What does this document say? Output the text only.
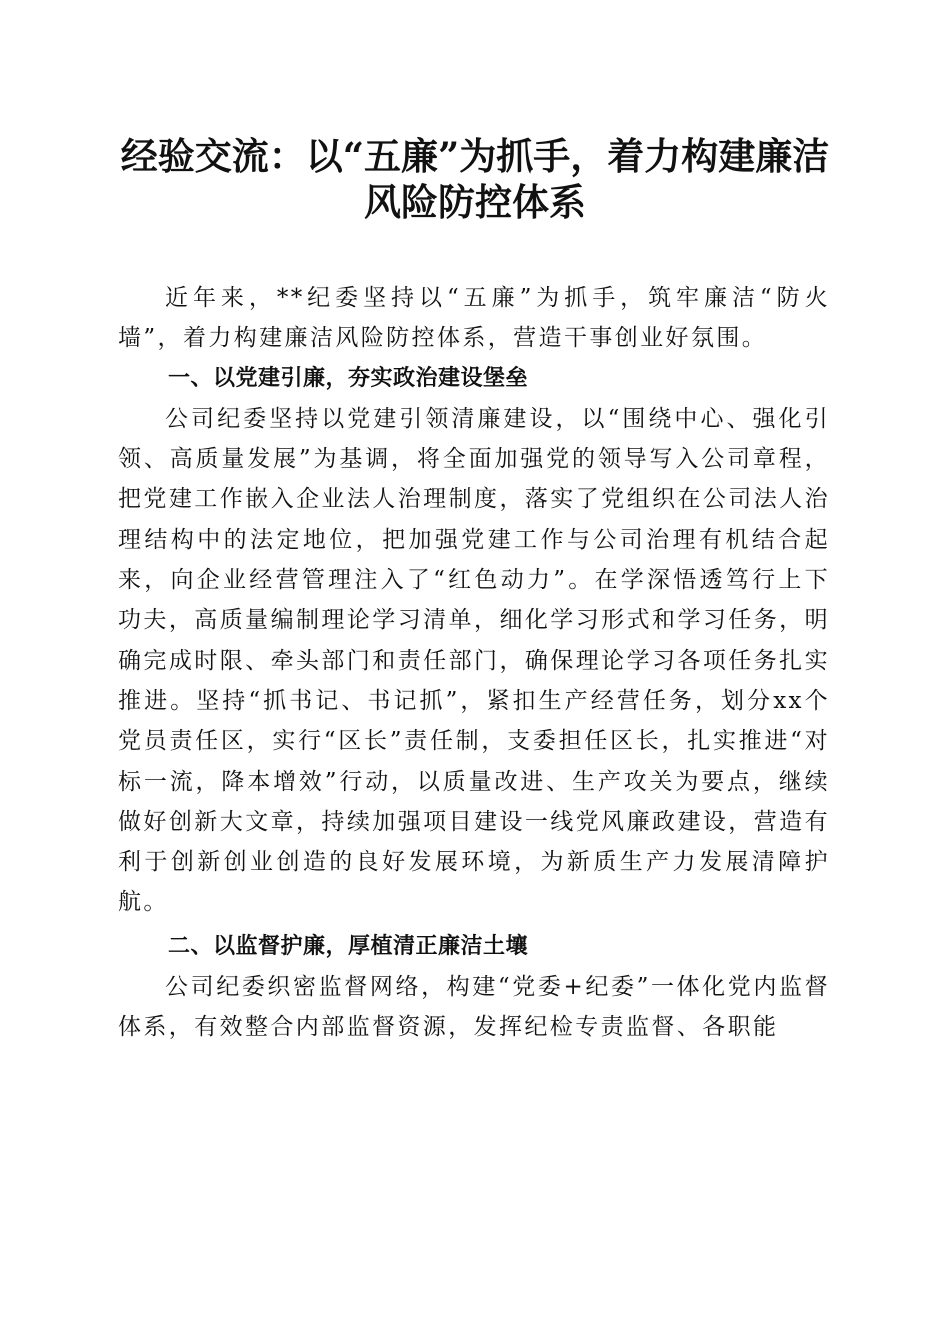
经验交流：以“五廉”为抓手，着力构建廉洁
风险防控体系

近年来，**纪委坚持以“五廉”为抓手，筑牢廉洁“防火墙”，着力构建廉洁风险防控体系，营造干事创业好氛围。

一、以党建引廉，夯实政治建设堡垒

公司纪委坚持以党建引领清廉建设，以“围绕中心、强化引领、高质量发展”为基调，将全面加强党的领导写入公司章程，把党建工作嵌入企业法人治理制度，落实了党组织在公司法人治理结构中的法定地位，把加强党建工作与公司治理有机结合起来，向企业经营管理注入了“红色动力”。在学深悟透笃行上下功夫，高质量编制理论学习清单，细化学习形式和学习任务，明确完成时限、牵头部门和责任部门，确保理论学习各项任务扎实推进。坚持“抓书记、书记抓”，紧扣生产经营任务，划分xx个党员责任区，实行“区长”责任制，支委担任区长，扎实推进“对标一流，降本增效”行动，以质量改进、生产攻关为要点，继续做好创新大文章，持续加强项目建设一线党风廉政建设，营造有利于创新创业创造的良好发展环境，为新质生产力发展清障护航。

二、以监督护廉，厚植清正廉洁土壤

公司纪委织密监督网络，构建“党委+纪委”一体化党内监督体系，有效整合内部监督资源，发挥纪检专责监督、各职能
